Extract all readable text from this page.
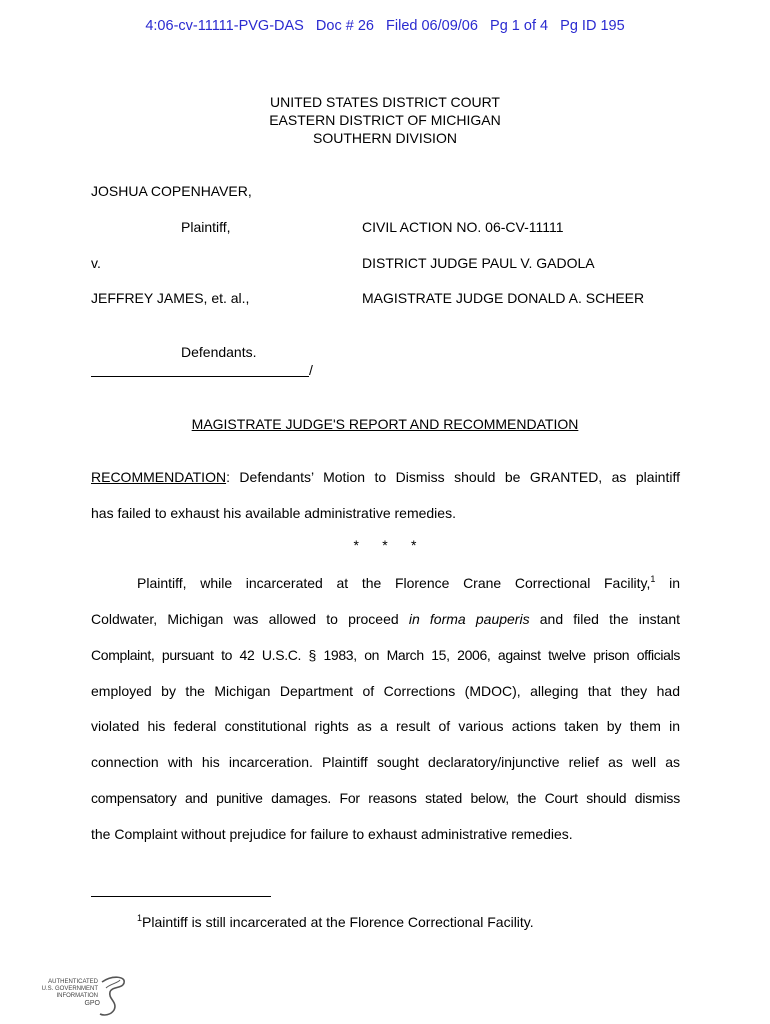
4:06-cv-11111-PVG-DAS   Doc # 26   Filed 06/09/06   Pg 1 of 4   Pg ID 195
UNITED STATES DISTRICT COURT
EASTERN DISTRICT OF MICHIGAN
SOUTHERN DIVISION
JOSHUA COPENHAVER,
Plaintiff,	CIVIL ACTION NO. 06-CV-11111
v.	DISTRICT JUDGE PAUL V. GADOLA
JEFFREY JAMES, et. al.,	MAGISTRATE JUDGE DONALD A. SCHEER
Defendants.
/
MAGISTRATE JUDGE'S REPORT AND RECOMMENDATION
RECOMMENDATION: Defendants’ Motion to Dismiss should be GRANTED, as plaintiff
has failed to exhaust his available administrative remedies.
*      *      *
Plaintiff, while incarcerated at the Florence Crane Correctional Facility,$^1$ in
Coldwater, Michigan was allowed to proceed in forma pauperis and filed the instant
Complaint, pursuant to 42 U.S.C. § 1983, on March 15, 2006, against twelve prison officials
employed by the Michigan Department of Corrections (MDOC), alleging that they had
violated his federal constitutional rights as a result of various actions taken by them in
connection with his incarceration. Plaintiff sought declaratory/injunctive relief as well as
compensatory and punitive damages. For reasons stated below, the Court should dismiss
the Complaint without prejudice for failure to exhaust administrative remedies.
$^1$Plaintiff is still incarcerated at the Florence Correctional Facility.
AUTHENTICATED
U.S. GOVERNMENT
INFORMATION
GPO
